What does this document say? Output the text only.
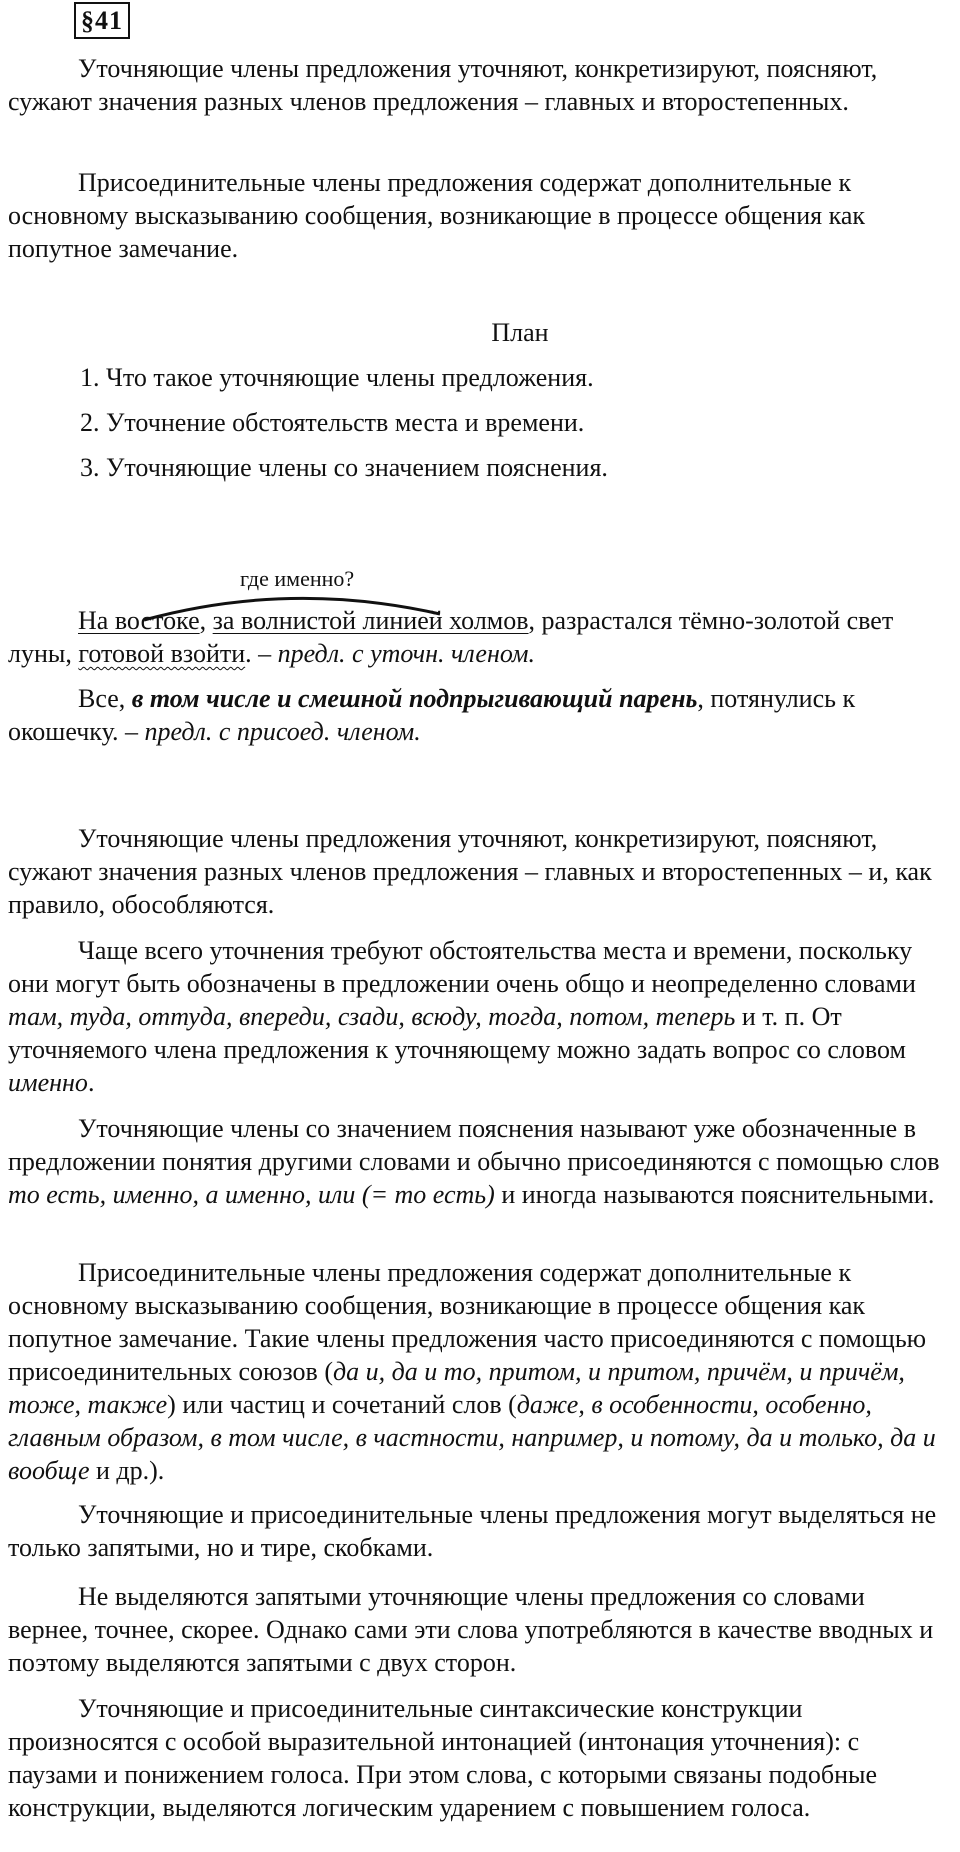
§41

Уточняющие члены предложения уточняют, конкретизируют, поясняют, сужают значения разных членов предложения – главных и второстепенных.

Присоединительные члены предложения содержат дополнительные к основному высказыванию сообщения, возникающие в процессе общения как попутное замечание.

План
1. Что такое уточняющие члены предложения.
2. Уточнение обстоятельств места и времени.
3. Уточняющие члены со значением пояснения.
где именно?

На востоке, за волнистой линией холмов, разрастался тёмно-золотой свет луны, готовой взойти. – предл. с уточн. членом.

Все, в том числе и смешной подпрыгивающий парень, потянулись к окошечку. – предл. с присоед. членом.

Уточняющие члены предложения уточняют, конкретизируют, поясняют, сужают значения разных членов предложения – главных и второстепенных – и, как правило, обособляются.

Чаще всего уточнения требуют обстоятельства места и времени, поскольку они могут быть обозначены в предложении очень общо и неопределенно словами там, туда, оттуда, впереди, сзади, всюду, тогда, потом, теперь и т. п. От уточняемого члена предложения к уточняющему можно задать вопрос со словом именно.

Уточняющие члены со значением пояснения называют уже обозначенные в предложении понятия другими словами и обычно присоединяются с помощью слов то есть, именно, а именно, или (= то есть) и иногда называются пояснительными.

Присоединительные члены предложения содержат дополнительные к основному высказыванию сообщения, возникающие в процессе общения как попутное замечание. Такие члены предложения часто присоединяются с помощью присоединительных союзов (да и, да и то, притом, и притом, причём, и причём, тоже, также) или частиц и сочетаний слов (даже, в особенности, особенно, главным образом, в том числе, в частности, например, и потому, да и только, да и вообще и др.).

Уточняющие и присоединительные члены предложения могут выделяться не только запятыми, но и тире, скобками.

Не выделяются запятыми уточняющие члены предложения со словами вернее, точнее, скорее. Однако сами эти слова употребляются в качестве вводных и поэтому выделяются запятыми с двух сторон.

Уточняющие и присоединительные синтаксические конструкции произносятся с особой выразительной интонацией (интонация уточнения): с паузами и понижением голоса. При этом слова, с которыми связаны подобные конструкции, выделяются логическим ударением с повышением голоса.
